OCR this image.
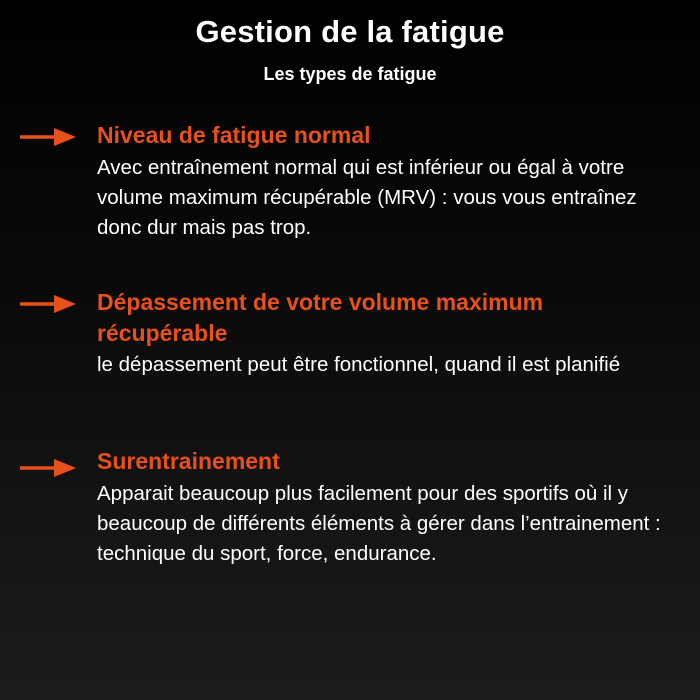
Gestion de la fatigue
Les types de fatigue
Niveau de fatigue normal
Avec entraînement normal qui est inférieur ou égal à votre volume maximum récupérable (MRV) : vous vous entraînez donc dur mais pas trop.
Dépassement de votre volume maximum récupérable
le dépassement peut être fonctionnel, quand il est planifié
Surentrainement
Apparait beaucoup plus facilement pour des sportifs où il y beaucoup de différents éléments à gérer dans l’entrainement : technique du sport, force, endurance.
